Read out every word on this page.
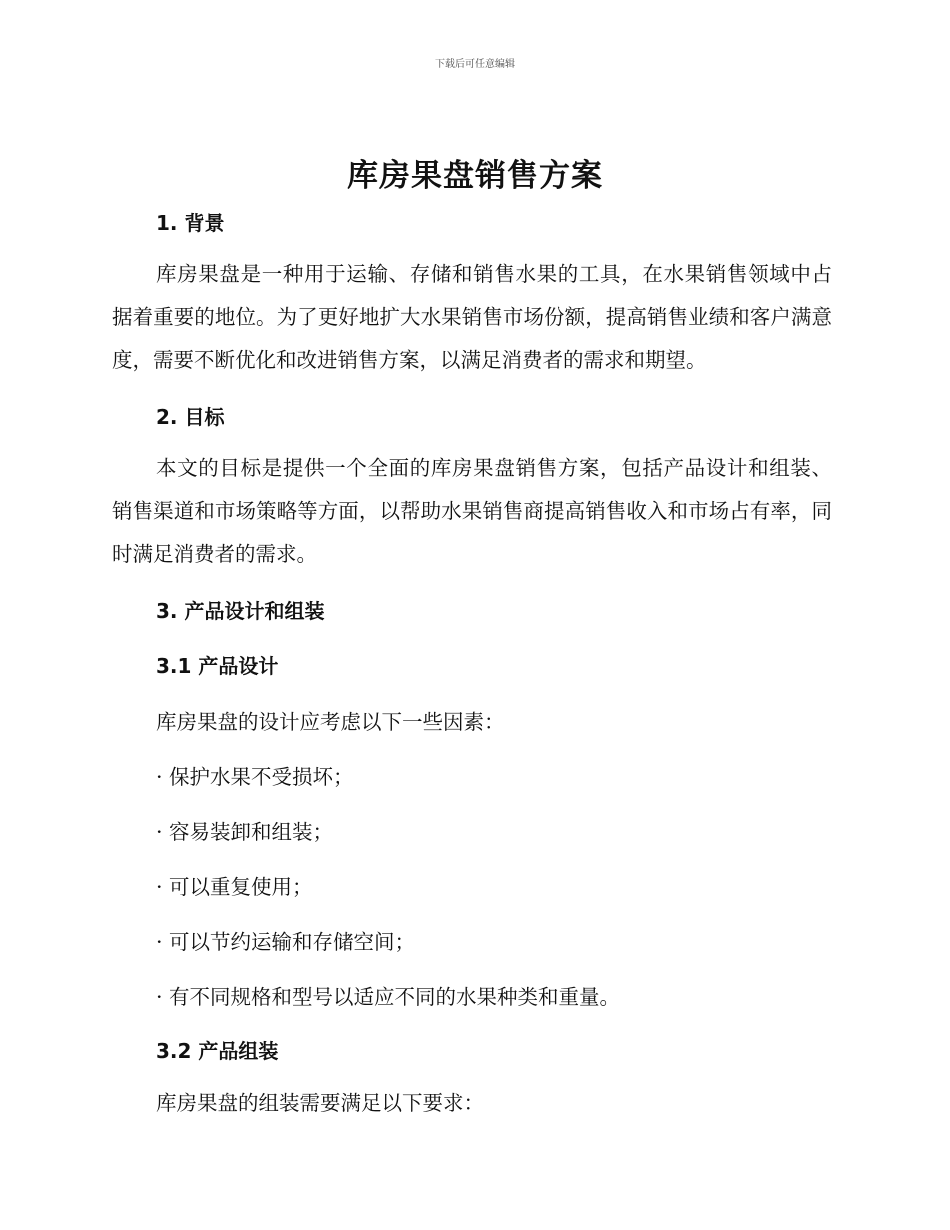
下载后可任意编辑
库房果盘销售方案
1. 背景
库房果盘是一种用于运输、存储和销售水果的工具，在水果销售领域中占据着重要的地位。为了更好地扩大水果销售市场份额，提高销售业绩和客户满意度，需要不断优化和改进销售方案，以满足消费者的需求和期望。
2. 目标
本文的目标是提供一个全面的库房果盘销售方案，包括产品设计和组装、销售渠道和市场策略等方面，以帮助水果销售商提高销售收入和市场占有率，同时满足消费者的需求。
3. 产品设计和组装
3.1 产品设计
库房果盘的设计应考虑以下一些因素：
· 保护水果不受损坏；
· 容易装卸和组装；
· 可以重复使用；
· 可以节约运输和存储空间；
· 有不同规格和型号以适应不同的水果种类和重量。
3.2 产品组装
库房果盘的组装需要满足以下要求：
